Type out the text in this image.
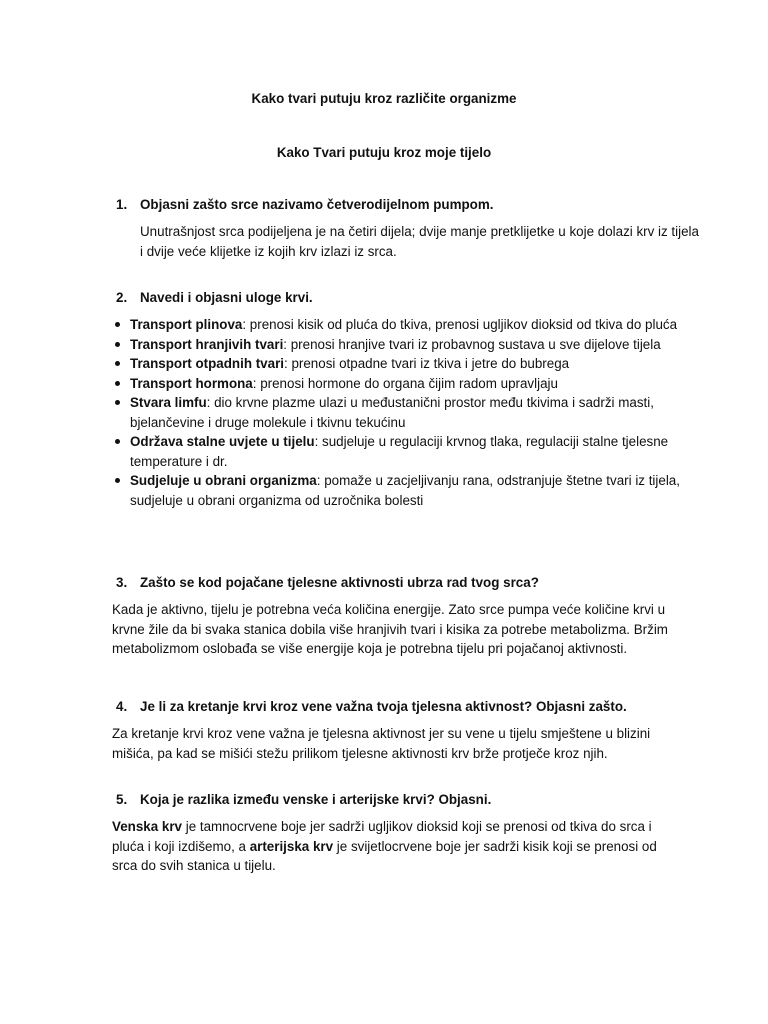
Kako tvari putuju kroz različite organizme
Kako Tvari putuju kroz moje tijelo
1. Objasni zašto srce nazivamo četverodijelnom pumpom.
Unutrašnjost srca podijeljena je na četiri dijela; dvije manje pretklijetke u koje dolazi krv iz tijela i dvije veće klijetke iz kojih krv izlazi iz srca.
2. Navedi i objasni uloge krvi.
Transport plinova: prenosi kisik od pluća do tkiva, prenosi ugljikov dioksid od tkiva do pluća
Transport hranjivih tvari: prenosi hranjive tvari iz probavnog sustava u sve dijelove tijela
Transport otpadnih tvari: prenosi otpadne tvari iz tkiva i jetre do bubrega
Transport hormona: prenosi hormone do organa čijim radom upravljaju
Stvara limfu: dio krvne plazme ulazi u međustanični prostor među tkivima i sadrži masti, bjelančevine i druge molekule i tkivnu tekućinu
Održava stalne uvjete u tijelu: sudjeluje u regulaciji krvnog tlaka, regulaciji stalne tjelesne temperature i dr.
Sudjeluje u obrani organizma: pomaže u zacjeljivanju rana, odstranjuje štetne tvari iz tijela, sudjeluje u obrani organizma od uzročnika bolesti
3. Zašto se kod pojačane tjelesne aktivnosti ubrza rad tvog srca?
Kada je aktivno, tijelu je potrebna veća količina energije. Zato srce pumpa veće količine krvi u krvne žile da bi svaka stanica dobila više hranjivih tvari i kisika za potrebe metabolizma. Bržim metabolizmom oslobađa se više energije koja je potrebna tijelu pri pojačanoj aktivnosti.
4. Je li za kretanje krvi kroz vene važna tvoja tjelesna aktivnost? Objasni zašto.
Za kretanje krvi kroz vene važna je tjelesna aktivnost jer su vene u tijelu smještene u blizini mišića, pa kad se mišići stežu prilikom tjelesne aktivnosti krv brže protječe kroz njih.
5. Koja je razlika između venske i arterijske krvi? Objasni.
Venska krv je tamnocrvene boje jer sadrži ugljikov dioksid koji se prenosi od tkiva do srca i pluća i koji izdišemo, a arterijska krv je svijetlocrvene boje jer sadrži kisik koji se prenosi od srca do svih stanica u tijelu.
